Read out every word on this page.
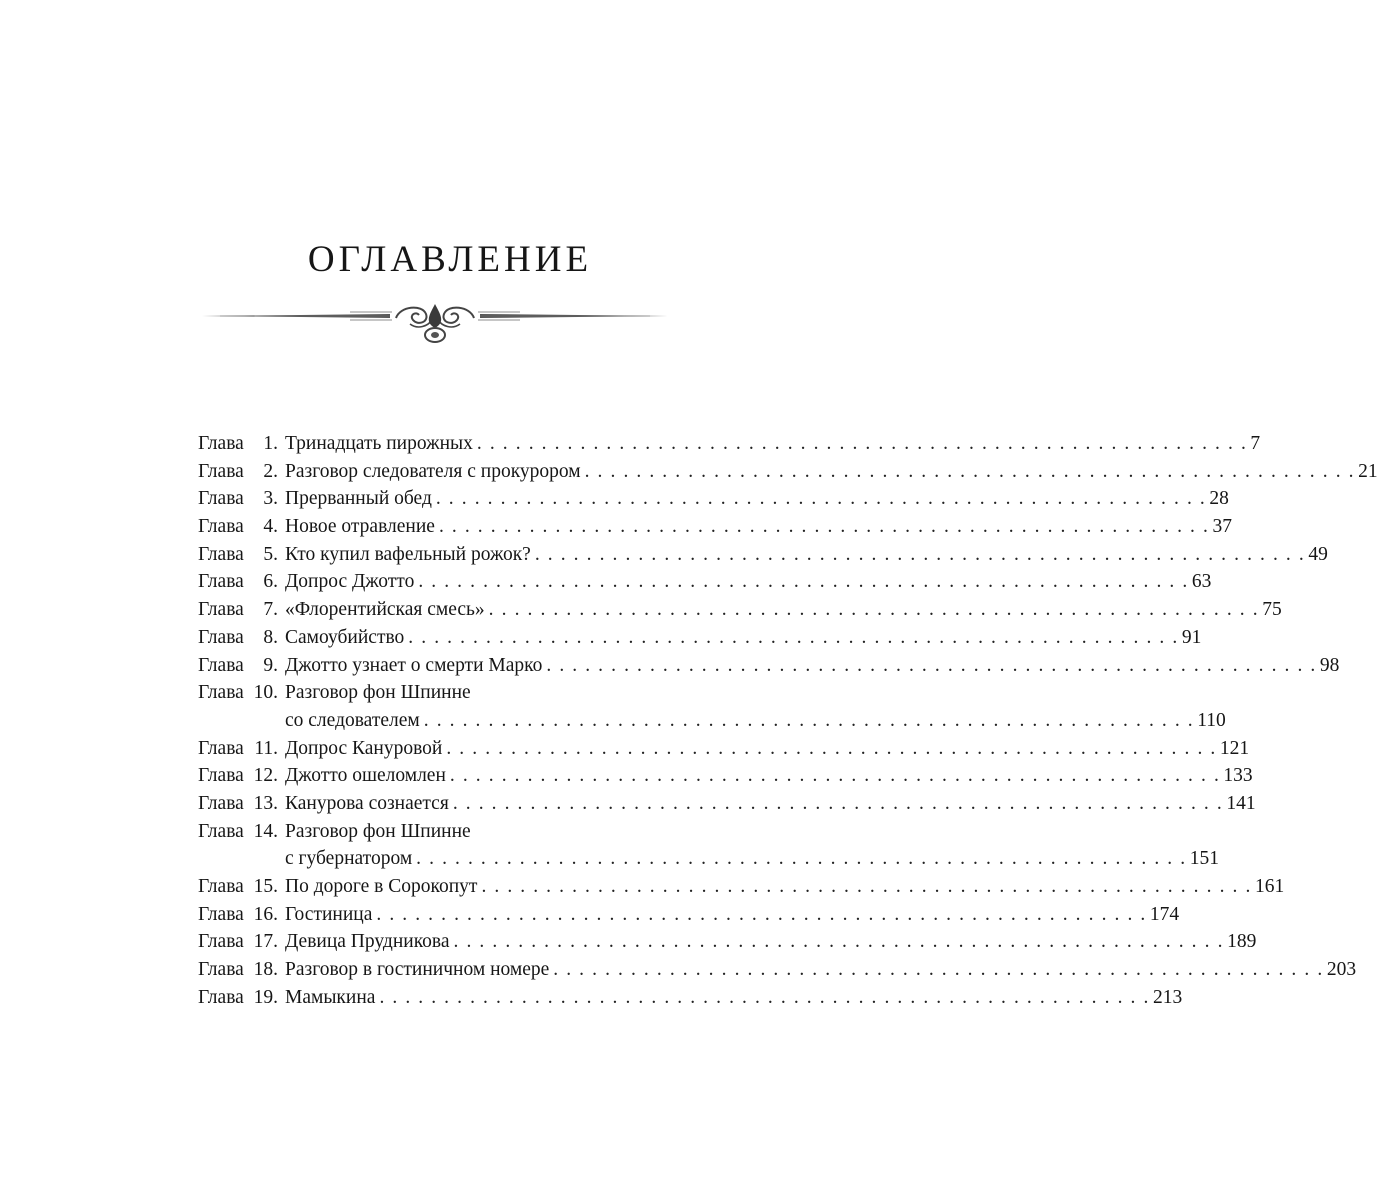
ОГЛАВЛЕНИЕ
Глава	1. Тринадцать пирожных . . . . . . . . . . . . . . . . . . . . . . . . . . . . . . . . . . . . . . . . . . . . . . . . . . . . . . . . . . . . 7
Глава	2. Разговор следователя с прокурором . . . . . . . . . . . . . . . . . . . . . . . . . . . . . . . . . . . . . . . . . . . . . . . . . . . . . . . . . . . . 21
Глава	3. Прерванный обед . . . . . . . . . . . . . . . . . . . . . . . . . . . . . . . . . . . . . . . . . . . . . . . . . . . . . . . . . . . . 28
Глава	4. Новое отравление . . . . . . . . . . . . . . . . . . . . . . . . . . . . . . . . . . . . . . . . . . . . . . . . . . . . . . . . . . . . 37
Глава	5. Кто купил вафельный рожок? . . . . . . . . . . . . . . . . . . . . . . . . . . . . . . . . . . . . . . . . . . . . . . . . . . . . . . . . . . . . 49
Глава	6. Допрос Джотто . . . . . . . . . . . . . . . . . . . . . . . . . . . . . . . . . . . . . . . . . . . . . . . . . . . . . . . . . . . . 63
Глава	7. «Флорентийская смесь» . . . . . . . . . . . . . . . . . . . . . . . . . . . . . . . . . . . . . . . . . . . . . . . . . . . . . . . . . . . . 75
Глава	8. Самоубийство . . . . . . . . . . . . . . . . . . . . . . . . . . . . . . . . . . . . . . . . . . . . . . . . . . . . . . . . . . . . 91
Глава	9. Джотто узнает о смерти Марко . . . . . . . . . . . . . . . . . . . . . . . . . . . . . . . . . . . . . . . . . . . . . . . . . . . . . . . . . . . . 98
Глава 10. Разговор фон Шпинне
со следователем . . . . . . . . . . . . . . . . . . . . . . . . . . . . . . . . . . . . . . . . . . . . . . . . . . . . . . . . . . . . 110
Глава 11. Допрос Кануровой . . . . . . . . . . . . . . . . . . . . . . . . . . . . . . . . . . . . . . . . . . . . . . . . . . . . . . . . . . . . 121
Глава 12. Джотто ошеломлен . . . . . . . . . . . . . . . . . . . . . . . . . . . . . . . . . . . . . . . . . . . . . . . . . . . . . . . . . . . . 133
Глава 13. Канурова сознается . . . . . . . . . . . . . . . . . . . . . . . . . . . . . . . . . . . . . . . . . . . . . . . . . . . . . . . . . . . . 141
Глава 14. Разговор фон Шпинне
с губернатором . . . . . . . . . . . . . . . . . . . . . . . . . . . . . . . . . . . . . . . . . . . . . . . . . . . . . . . . . . . . 151
Глава 15. По дороге в Сорокопут . . . . . . . . . . . . . . . . . . . . . . . . . . . . . . . . . . . . . . . . . . . . . . . . . . . . . . . . . . . . 161
Глава 16. Гостиница . . . . . . . . . . . . . . . . . . . . . . . . . . . . . . . . . . . . . . . . . . . . . . . . . . . . . . . . . . . . 174
Глава 17. Девица Прудникова . . . . . . . . . . . . . . . . . . . . . . . . . . . . . . . . . . . . . . . . . . . . . . . . . . . . . . . . . . . . 189
Глава 18. Разговор в гостиничном номере . . . . . . . . . . . . . . . . . . . . . . . . . . . . . . . . . . . . . . . . . . . . . . . . . . . . . . . . . . . . 203
Глава 19. Мамыкина . . . . . . . . . . . . . . . . . . . . . . . . . . . . . . . . . . . . . . . . . . . . . . . . . . . . . . . . . . . . 213
